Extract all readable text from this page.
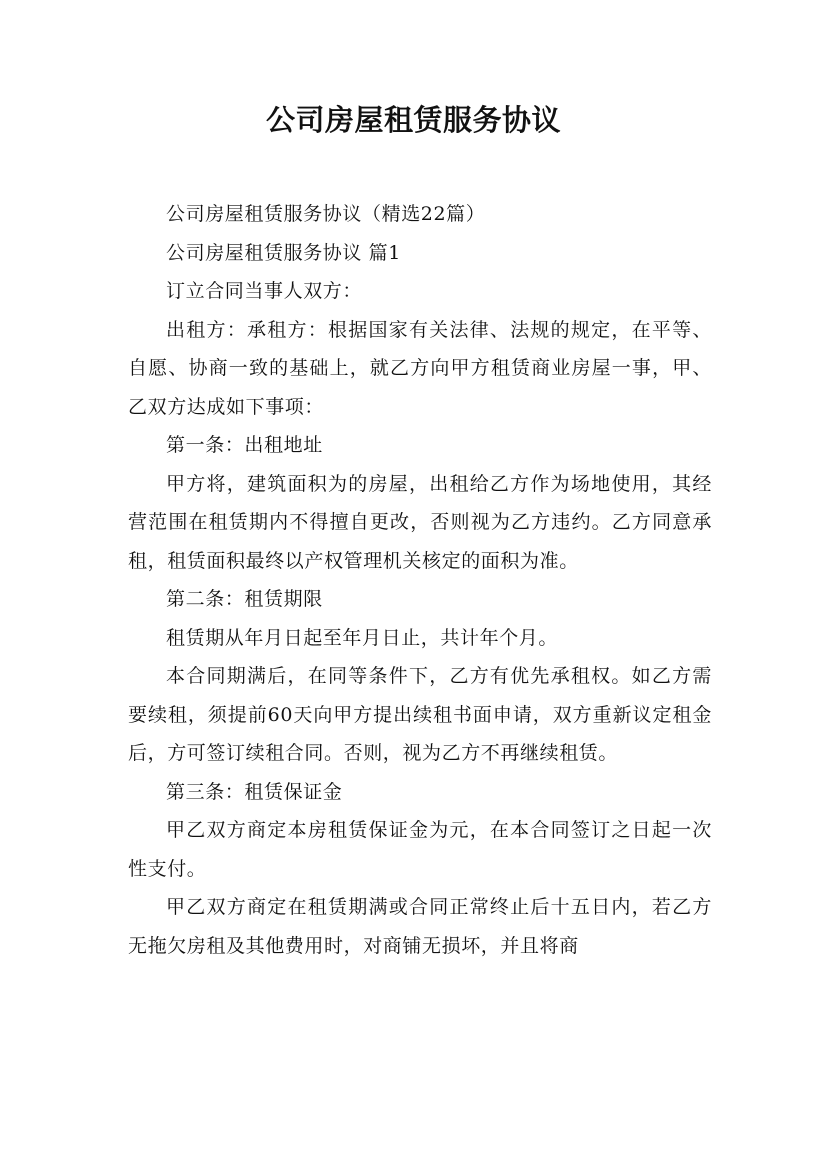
公司房屋租赁服务协议

公司房屋租赁服务协议（精选22篇）

公司房屋租赁服务协议 篇1

订立合同当事人双方：

出租方：承租方：根据国家有关法律、法规的规定，在平等、自愿、协商一致的基础上，就乙方向甲方租赁商业房屋一事，甲、乙双方达成如下事项：

第一条：出租地址

甲方将，建筑面积为的房屋，出租给乙方作为场地使用，其经营范围在租赁期内不得擅自更改，否则视为乙方违约。乙方同意承租，租赁面积最终以产权管理机关核定的面积为准。

第二条：租赁期限

租赁期从年月日起至年月日止，共计年个月。

本合同期满后，在同等条件下，乙方有优先承租权。如乙方需要续租，须提前60天向甲方提出续租书面申请，双方重新议定租金后，方可签订续租合同。否则，视为乙方不再继续租赁。

第三条：租赁保证金

甲乙双方商定本房租赁保证金为元，在本合同签订之日起一次性支付。

甲乙双方商定在租赁期满或合同正常终止后十五日内，若乙方无拖欠房租及其他费用时，对商铺无损坏，并且将商
